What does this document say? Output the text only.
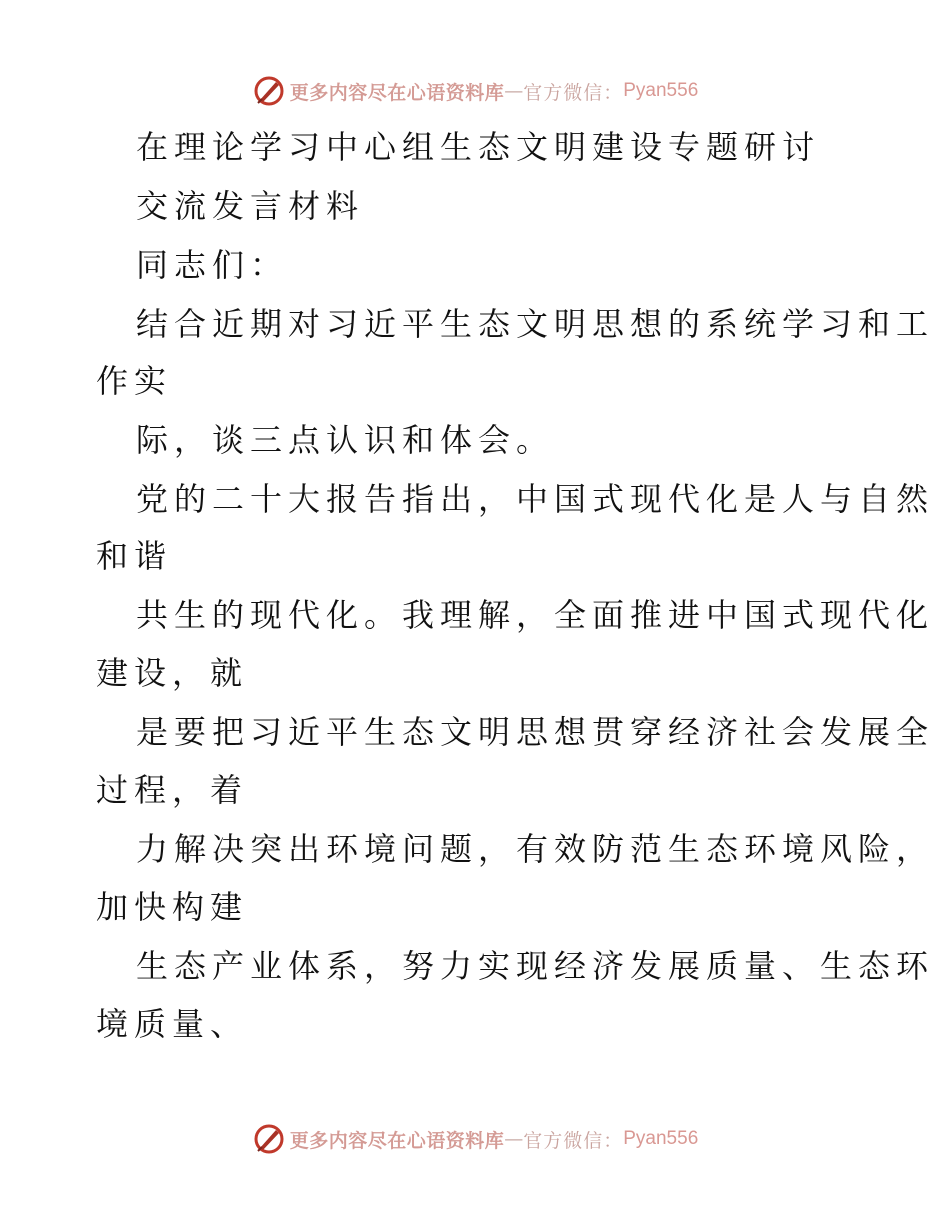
更多内容尽在心语资料库 — 官方微信： Pyan556
在理论学习中心组生态文明建设专题研讨
交流发言材料
同志们：
结合近期对习近平生态文明思想的系统学习和工
作实
际，谈三点认识和体会。
党的二十大报告指出，中国式现代化是人与自然
和谐
共生的现代化。我理解，全面推进中国式现代化
建设，就
是要把习近平生态文明思想贯穿经济社会发展全
过程，着
力解决突出环境问题，有效防范生态环境风险，
加快构建
生态产业体系，努力实现经济发展质量、生态环
境质量、
更多内容尽在心语资料库 — 官方微信： Pyan556
